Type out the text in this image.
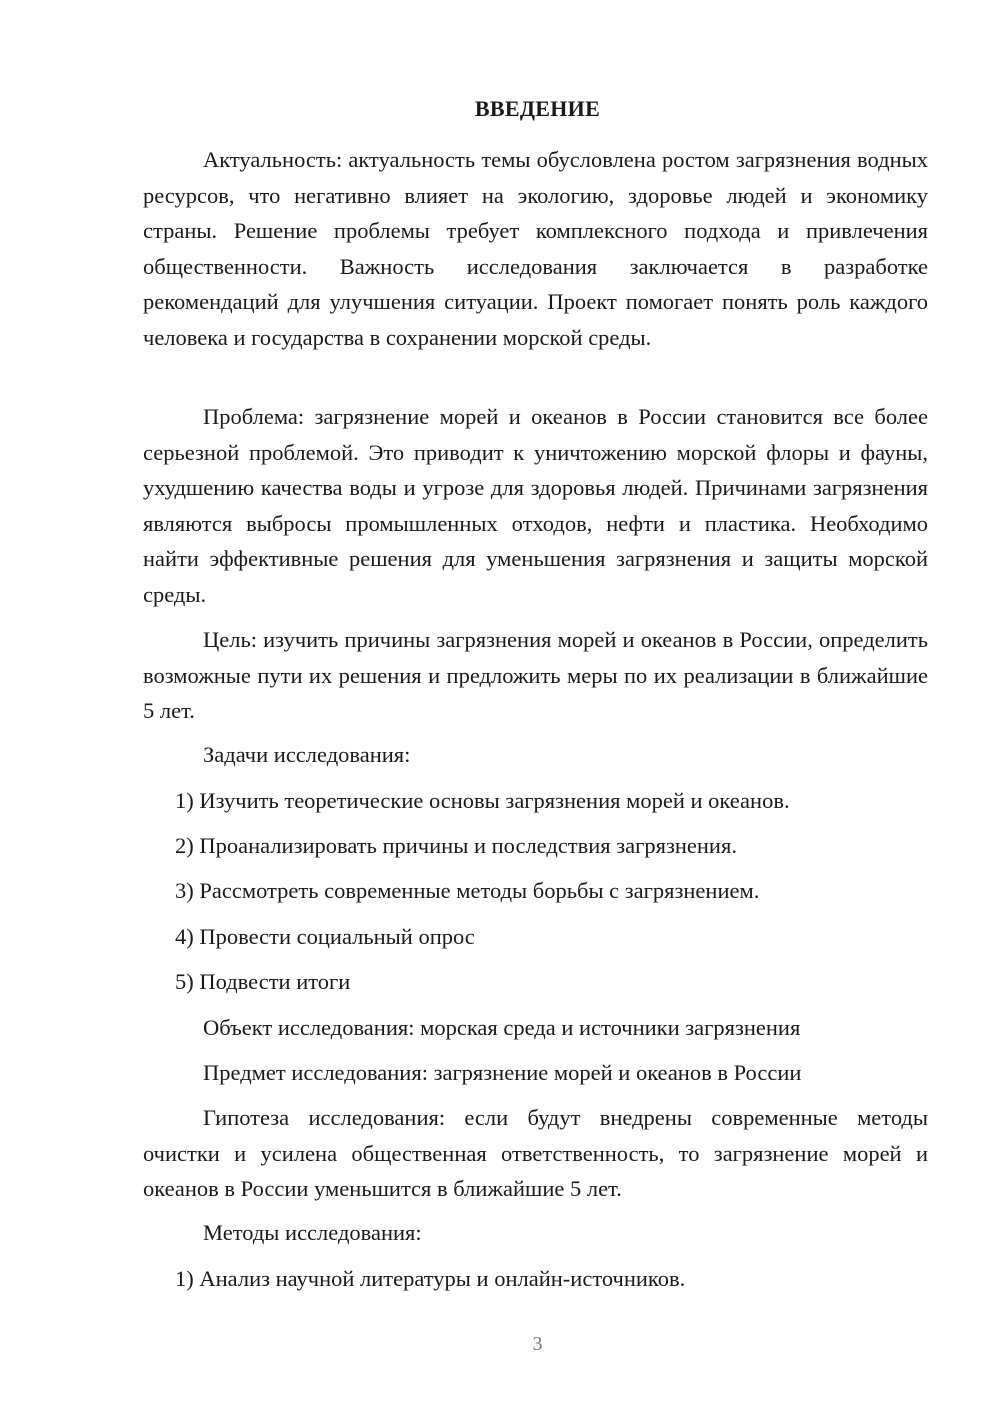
ВВЕДЕНИЕ

Актуальность: актуальность темы обусловлена ростом загрязнения водных ресурсов, что негативно влияет на экологию, здоровье людей и экономику страны. Решение проблемы требует комплексного подхода и привлечения общественности. Важность исследования заключается в разработке рекомендаций для улучшения ситуации. Проект помогает понять роль каждого человека и государства в сохранении морской среды.

Проблема: загрязнение морей и океанов в России становится все более серьезной проблемой. Это приводит к уничтожению морской флоры и фауны, ухудшению качества воды и угрозе для здоровья людей. Причинами загрязнения являются выбросы промышленных отходов, нефти и пластика. Необходимо найти эффективные решения для уменьшения загрязнения и защиты морской среды.

Цель: изучить причины загрязнения морей и океанов в России, определить возможные пути их решения и предложить меры по их реализации в ближайшие 5 лет.

Задачи исследования:
1) Изучить теоретические основы загрязнения морей и океанов.
2) Проанализировать причины и последствия загрязнения.
3) Рассмотреть современные методы борьбы с загрязнением.
4) Провести социальный опрос
5) Подвести итоги
Объект исследования: морская среда и источники загрязнения
Предмет исследования: загрязнение морей и океанов в России

Гипотеза исследования: если будут внедрены современные методы очистки и усилена общественная ответственность, то загрязнение морей и океанов в России уменьшится в ближайшие 5 лет.

Методы исследования:
1) Анализ научной литературы и онлайн-источников.
3
